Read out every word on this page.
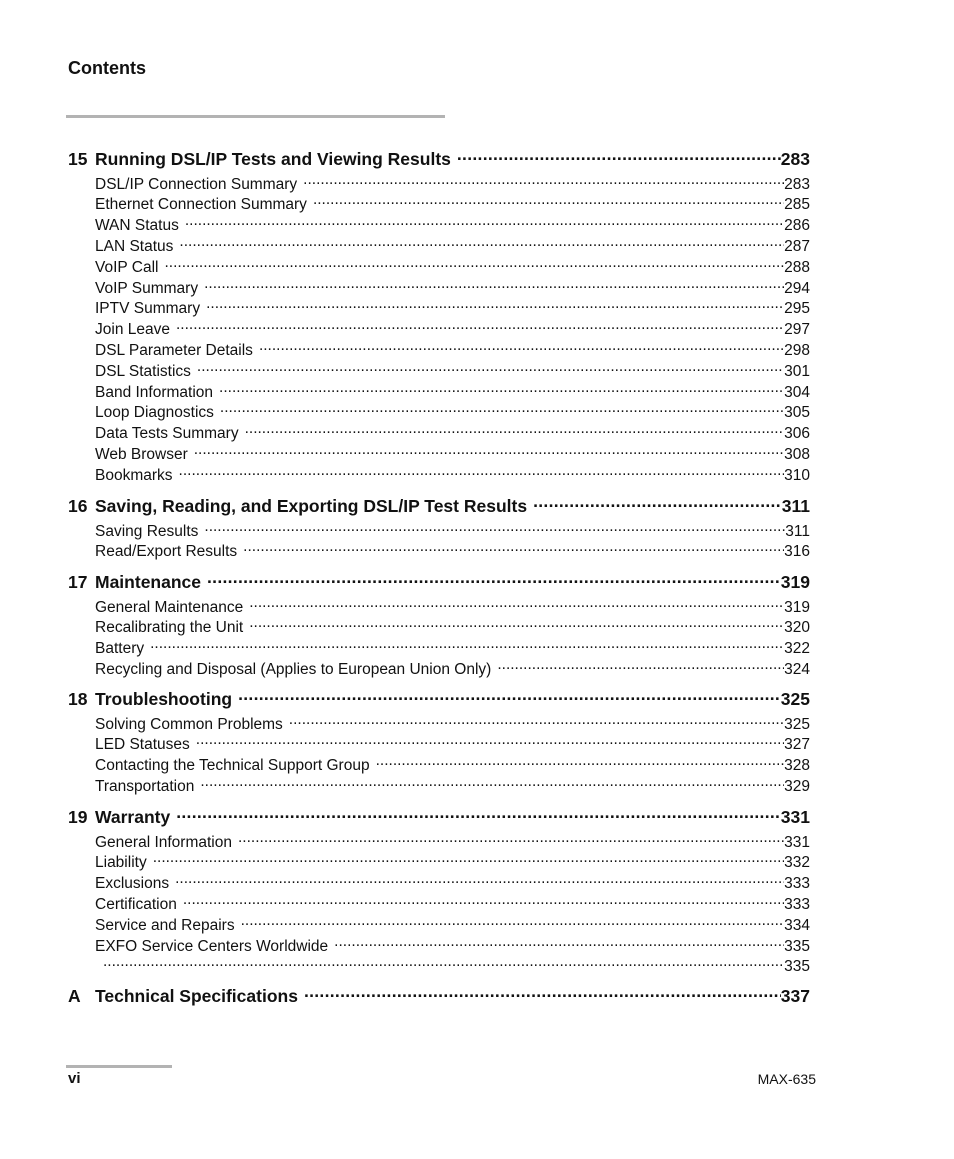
Contents
15 Running DSL/IP Tests and Viewing Results .....	283
DSL/IP Connection Summary .....	283
Ethernet Connection Summary .....	285
WAN Status .....	286
LAN Status .....	287
VoIP Call .....	288
VoIP Summary .....	294
IPTV Summary .....	295
Join Leave .....	297
DSL Parameter Details .....	298
DSL Statistics .....	301
Band Information .....	304
Loop Diagnostics .....	305
Data Tests Summary .....	306
Web Browser .....	308
Bookmarks .....	310
16 Saving, Reading, and Exporting DSL/IP Test Results .....	311
Saving Results .....	311
Read/Export Results .....	316
17 Maintenance .....	319
General Maintenance .....	319
Recalibrating the Unit .....	320
Battery .....	322
Recycling and Disposal (Applies to European Union Only) .....	324
18 Troubleshooting .....	325
Solving Common Problems .....	325
LED Statuses .....	327
Contacting the Technical Support Group .....	328
Transportation .....	329
19 Warranty .....	331
General Information .....	331
Liability .....	332
Exclusions .....	333
Certification .....	333
Service and Repairs .....	334
EXFO Service Centers Worldwide .....	335
.....
335
A Technical Specifications .....	337
vi	MAX-635
